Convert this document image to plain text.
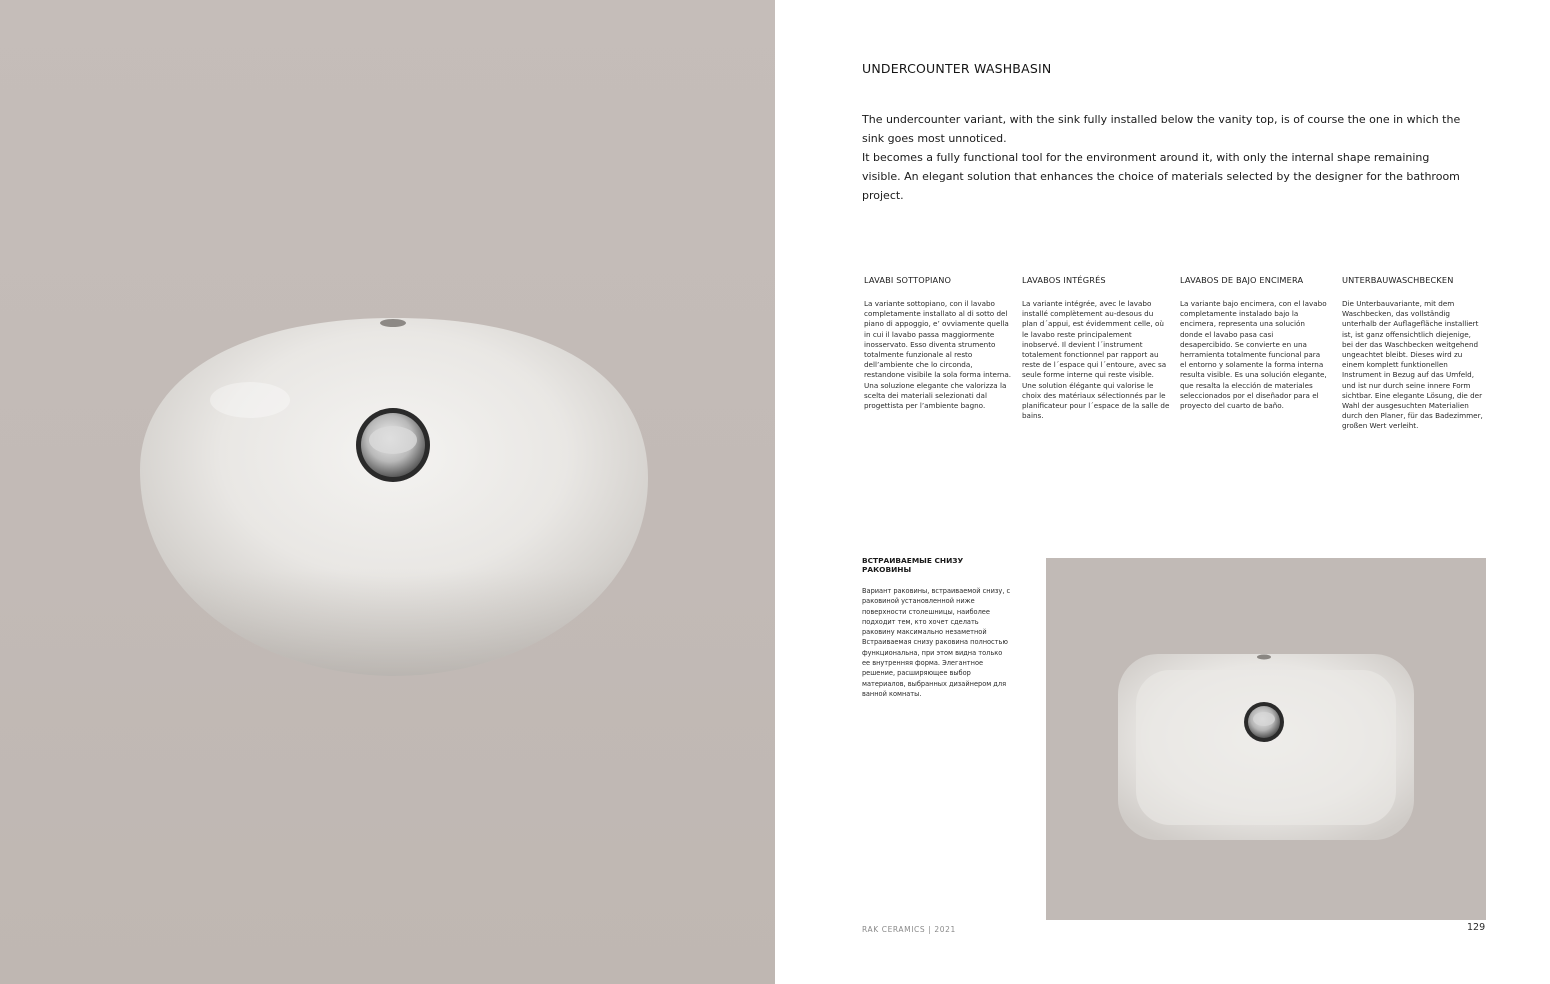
UNDERCOUNTER WASHBASIN

The undercounter variant, with the sink fully installed below the vanity top, is of course the one in which the sink goes most unnoticed.

It becomes a fully functional tool for the environment around it, with only the internal shape remaining visible. An elegant solution that enhances the choice of materials selected by the designer for the bathroom project.

LAVABI SOTTOPIANO
La variante sottopiano, con il lavabo completamente installato al di sotto del piano di appoggio, e’ ovviamente quella in cui il lavabo passa maggiormente inosservato. Esso diventa strumento totalmente funzionale al resto dell’ambiente che lo circonda, restandone visibile la sola forma interna. Una soluzione elegante che valorizza la scelta dei materiali selezionati dal progettista per l’ambiente bagno.
LAVABOS INTÉGRÉS
La variante intégrée, avec le lavabo installé complètement au-desous du plan d´appui, est évidemment celle, où le lavabo reste principalement inobservé. Il devient l´instrument totalement fonctionnel par rapport au reste de l´espace qui l´entoure, avec sa seule forme interne qui reste visible. Une solution élégante qui valorise le choix des matériaux sélectionnés par le planificateur pour l´espace de la salle de bains.
LAVABOS DE BAJO ENCIMERA
La variante bajo encimera, con el lavabo completamente instalado bajo la encimera, representa una solución donde el lavabo pasa casi desapercibido. Se convierte en una herramienta totalmente funcional para el entorno y solamente la forma interna resulta visible. Es una solución elegante, que resalta la elección de materiales seleccionados por el diseñador para el proyecto del cuarto de baño.
UNTERBAUWASCHBECKEN
Die Unterbauvariante, mit dem Waschbecken, das vollständig unterhalb der Auflagefläche installiert ist, ist ganz offensichtlich diejenige, bei der das Waschbecken weitgehend ungeachtet bleibt. Dieses wird zu einem komplett funktionellen Instrument in Bezug auf das Umfeld, und ist nur durch seine innere Form sichtbar. Eine elegante Lösung, die der Wahl der ausgesuchten Materialien durch den Planer, für das Badezimmer, großen Wert verleiht.
ВСТРАИВАЕМЫЕ СНИЗУ РАКОВИНЫ
Вариант раковины, встраиваемой снизу, с раковиной установленной ниже поверхности столешницы, наиболее подходит тем, кто хочет сделать раковину максимально незаметной Встраиваемая снизу раковина полностью функциональна, при этом видна только ее внутренняя форма. Элегантное решение, расширяющее выбор материалов, выбранных дизайнером для ванной комнаты.
RAK CERAMICS | 2021	129
